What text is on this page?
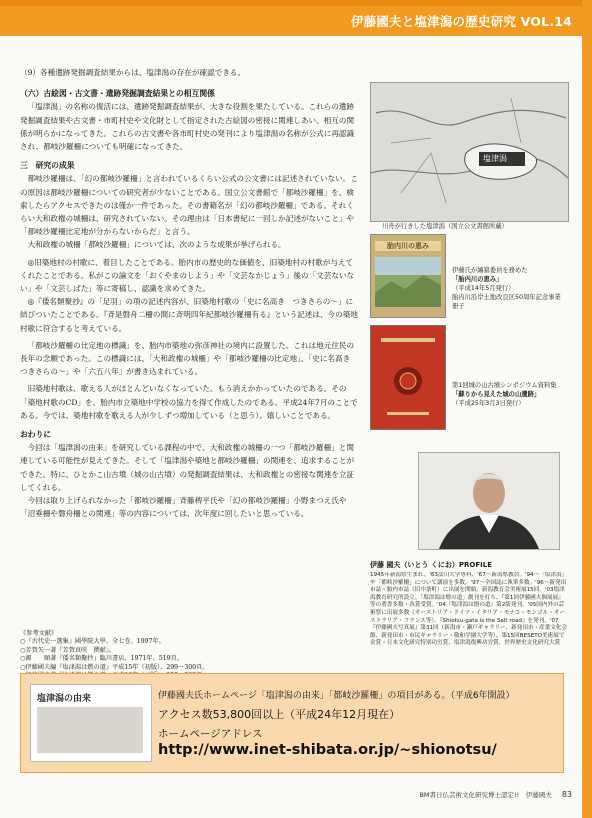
伊藤國夫と塩津潟の歴史研究 VOL.14

（9）各種遺跡発掘調査結果からは、塩津潟の存在が確認できる。

（六）古絵図・古文書・遺跡発掘調査結果との相互関係

「塩津潟」の名称の復活には、遺跡発掘調査結果が、大きな役割を果たしている。これらの遺跡発掘調査結果や古文書・市町村史や文化財として指定された古絵図の密接に関連しあい、相互の関係が明らかになってきた。これらの古文書や各市町村史の発刊により塩津潟の名称が公式に再認識され、都岐沙羅柵についても明確になってきた。

三　研究の成果

都岐沙羅柵は、「幻の都岐沙羅柵」と言われているくらい公式の公文書には記述されていない。この原因は都岐沙羅柵についての研究者が少ないことである。国立公文書館で「都岐沙羅柵」を、検索したらアクセスできたのは僅か一件であった。その書籍名が「幻の都岐沙羅柵」である。それくらい大和政権の城柵は、研究されていない。その理由は「日本書紀に一回しか記述がないこと」や「都岐沙羅柵比定地が分からないからだ」と言う。

大和政権の城柵「都岐沙羅柵」については、次のような成果が挙げられる。

◎旧築地村の村歌に、着目したことである。胎内市の歴史的な価値を、旧築地村の村歌が与えてくれたことである。私がこの論文を「おくやまのしよう」や「文芸なかじょう」後の「文芸ないない」や「文芸しばた」等に寄稿し、認識を求めてきた。

◎『倭名類聚抄』の「足羽」の項の記述内容が、旧築地村歌の「史に名高き　つきさらの〜」に結びついたことである。『斉是磐舟二柵の間に斉明四年紀都岐沙羅柵有る』という記述は、今の築地村歌に符合すると考えている。

「都岐沙羅柵の比定地の標識」を、胎内市築地の弥彦神社の境内に設置した。これは地元住民の長年の念願であった。この標識には、「大和政権の城柵」や「都岐沙羅柵の比定地」、「史に名高き　つきさらの〜」や「六五八年」が書き込まれている。

旧築地村歌は、歌える人がほとんどいなくなっていた。もう消えかかっていたのである。その「築地村歌のCD」を、胎内市立築地中学校の協力を得て作成したのである。平成24年7月のことである。今では、築地村歌を歌える人が少しずつ増加している（と思う）。嬉しいことである。

おわりに

今回は「塩津潟の由来」を研究している課程の中で、大和政権の城柵の一つ「都岐沙羅柵」と関連している可能性が見えてきた。そして「塩津潟や築地と都岐沙羅柵」の関連を、追求することができた。特に、ひとかこ山古墳（城の山古墳）の発掘調査結果は、大和政権との密接な関連を立証してくれる。

今回は取り上げられなかった「都岐沙羅柵」斉藤稗平氏や「幻の都岐沙羅柵」小野まつえ氏や「沼垂柵や磐舟柵との関連」等の内容については、次年度に回したいと思っている。

《参考文献》

○『古代史一選集』國學院大學、全七巻、1997年。

○芳賀矢一著『芳賀真咲　撰献』。

○源　　順著『倭名類聚抄』臨川書店、1971年、519頁。

○伊藤國夫編『塩津潟は燃の道』平成15年（初版）、299〜300頁。

塩津潟
川舟が行きした塩津潟（国立公文書館所蔵）
胎内川の恵み
伊藤氏が編纂委員を務めた
「胎内川の恵み」
（平成14年5月発行）
胎内川沿岸土地改良区50周年記念事業冊子
第1回城の山古墳シンポジウム資料集
「蘇りから見えた城の山遺跡」
（平成25年3月3日発行）
伊藤 國夫（いとう くにお）PROFILE
1945年新潟県生まれ。'63法川大学専科、'67〜新潟県教員。'94〜「塩津潟」や「都岐沙羅柵」について講演を多数。'97〜全国誌に執筆多数。'96〜新発田市誌・胎内市誌（旧中条町）に出展を開始。新潟教育会美術展15回。'03塩津潟教育研究所設立。「塩津潟は燈の道」創刊を打ち、『第1回伊藤國夫個展展』等の著書多数・各賞受賞。'04『塩津潟は燈の道』第2版発刊。'05国内外の芸術祭に出展多数（オーストリア・ドイツ・イタリア・モナコ・モンゴル・オーストラリア・フランス等）。『Shiotsu-gata is the Salt road』を発刊。'07『伊藤國夫写真展』第31回（新潟市・瀬戸ギャラリー、新発田市・産業文化会館、新発田市・市民ギャラリー・敬和学園大学等）、第15回BESETO美術展で金賞・日本文化研究特別功労賞、塩津潟復興功労賞、世界歴史文化研究大賞
塩津潟の由来	伊藤國夫氏ホームページ「塩津潟の由来」「都岐沙羅柵」の項目がある。（平成6年開設）
アクセス数53,800回以上（平成24年12月現在）
ホームページアドレス
http://www.inet-shibata.or.jp/~shionotsu/
BM書日仏芸術文化研究博士認定!!　伊藤國夫 83
